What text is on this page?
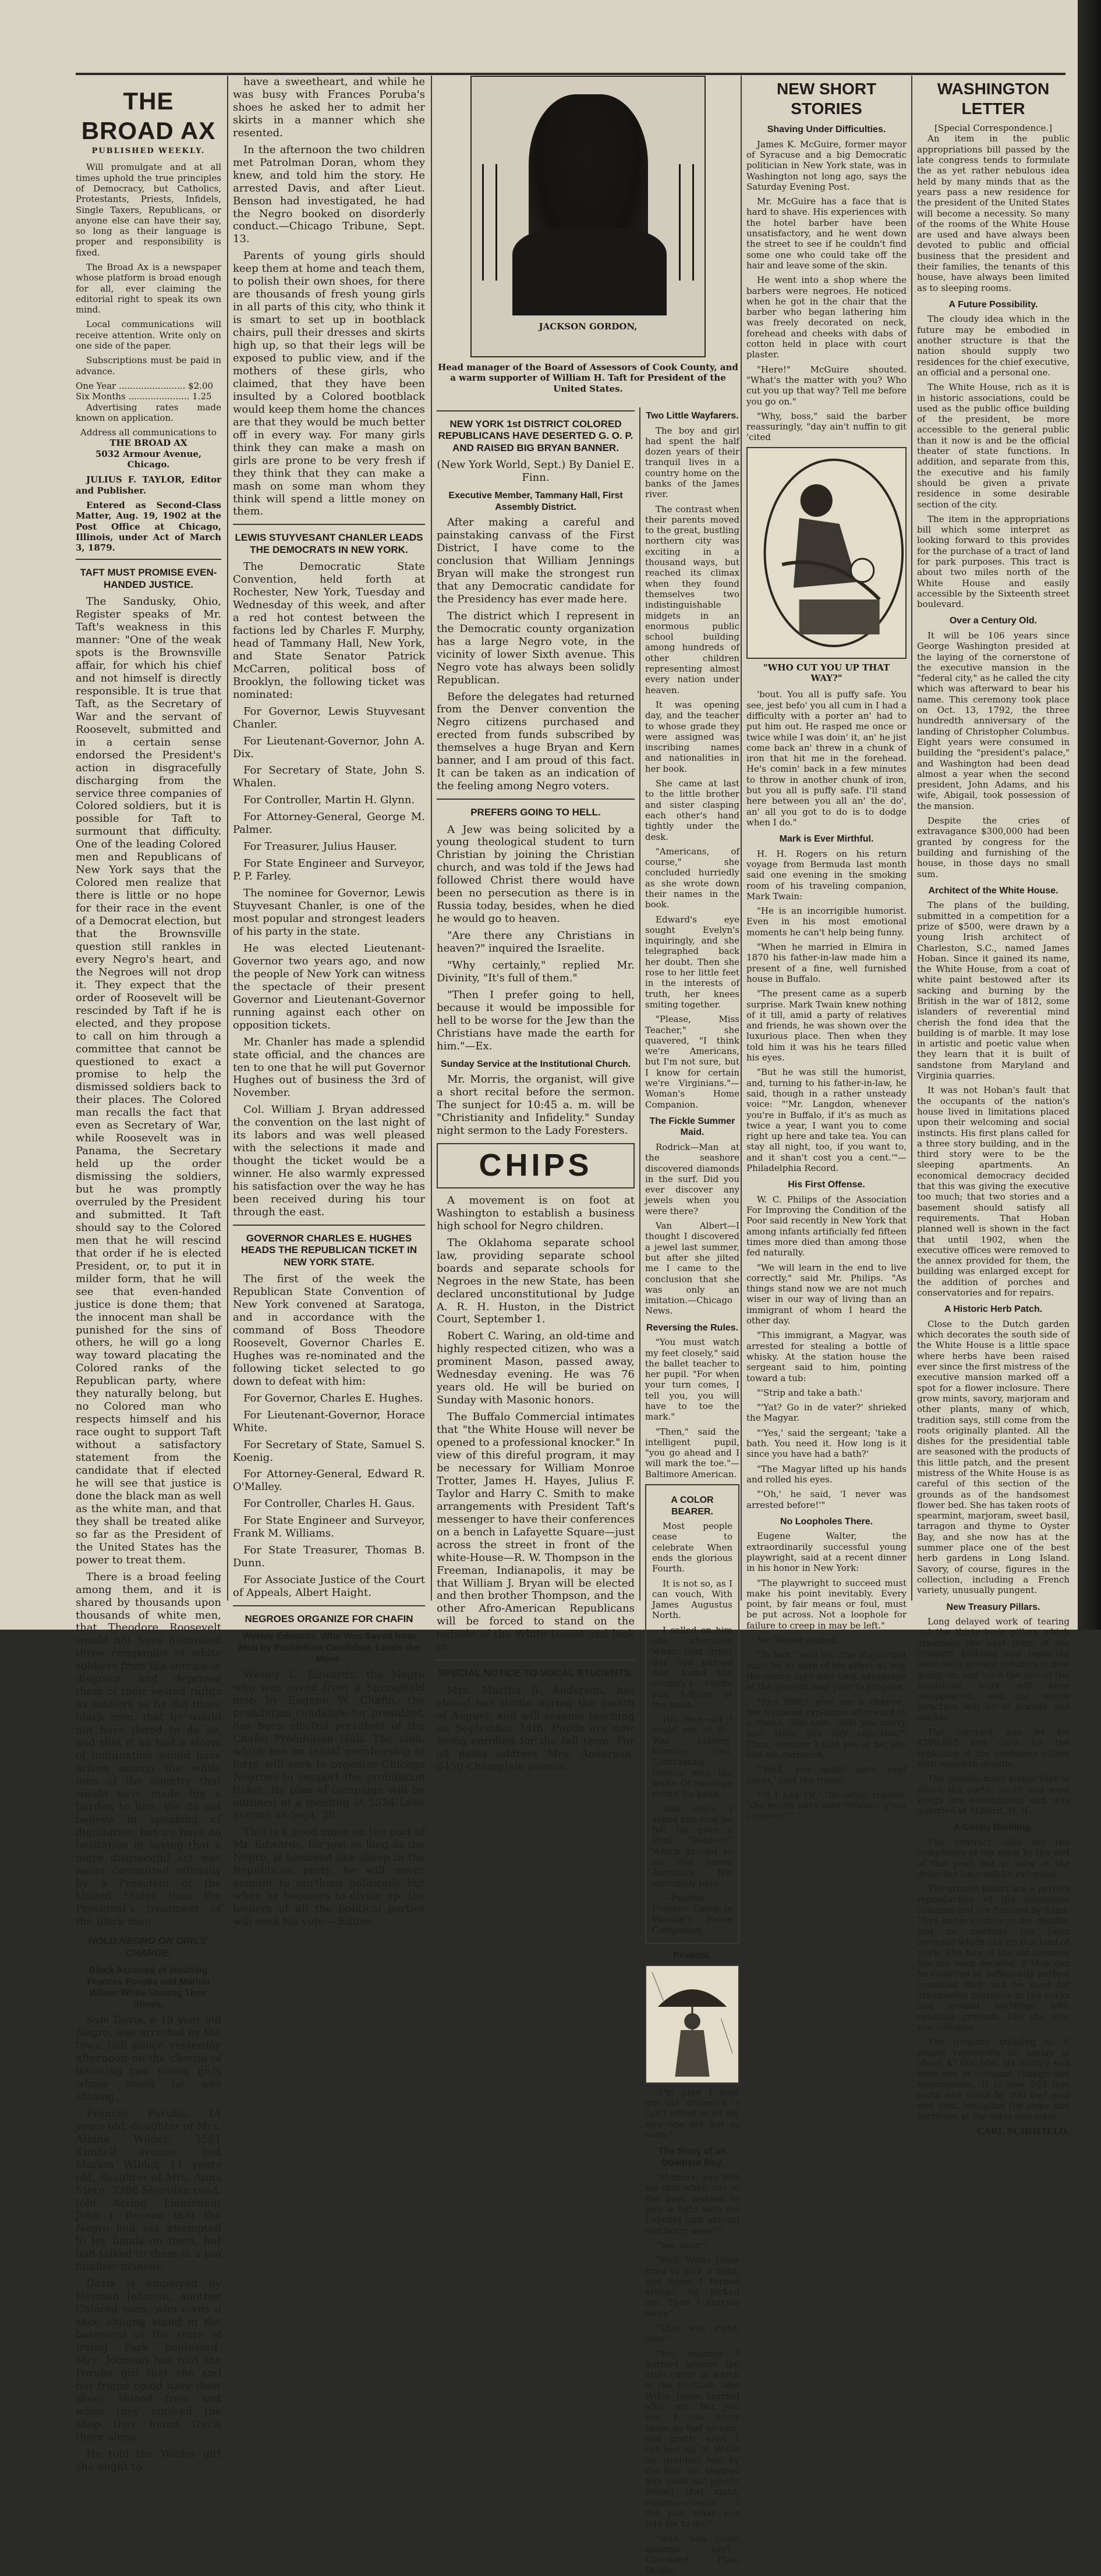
THE BROAD AX
PUBLISHED WEEKLY.

Will promulgate and at all times uphold the true principles of Democracy, but Catholics, Protestants, Priests, Infidels, Single Taxers, Republicans, or anyone else can have their say, so long as their language is proper and responsibility is fixed.

The Broad Ax is a newspaper whose platform is broad enough for all, ever claiming the editorial right to speak its own mind.

Local communications will receive attention. Write only on one side of the paper.

Subscriptions must be paid in advance.

One Year ........................ $2.00
Six Months ...................... 1.25

Advertising rates made known on application.

Address all communications to
THE BROAD AX
5032 Armour Avenue, Chicago.

JULIUS F. TAYLOR, Editor and Publisher.

Entered as Second-Class Matter, Aug. 19, 1902 at the Post Office at Chicago, Illinois, under Act of March 3, 1879.

TAFT MUST PROMISE EVEN-HANDED JUSTICE.

The Sandusky, Ohio, Register speaks of Mr. Taft's weakness in this manner: "One of the weak spots is the Brownsville affair, for which his chief and not himself is directly responsible. It is true that Taft, as the Secretary of War and the servant of Roosevelt, submitted and in a certain sense endorsed the President's action in disgracefully discharging from the service three companies of Colored soldiers, but it is possible for Taft to surmount that difficulty. One of the leading Colored men and Republicans of New York says that the Colored men realize that there is little or no hope for their race in the event of a Democrat election, but that the Brownsville question still rankles in every Negro's heart, and the Negroes will not drop it. They expect that the order of Roosevelt will be rescinded by Taft if he is elected, and they propose to call on him through a committee that cannot be questioned to exact a promise to help the dismissed soldiers back to their places. The Colored man recalls the fact that even as Secretary of War, while Roosevelt was in Panama, the Secretary held up the order dismissing the soldiers, but he was promptly overruled by the President and submitted. It Taft should say to the Colored men that he will rescind that order if he is elected President, or, to put it in milder form, that he will see that even-handed justice is done them; that the innocent man shall be punished for the sins of others, he will go a long way toward placating the Colored ranks of the Republican party, where they naturally belong, but no Colored man who respects himself and his race ought to support Taft without a satisfactory statement from the candidate that if elected he will see that justice is done the black man as well as the white man, and that they shall be treated alike so far as the President of the United States has the power to treat them.

There is a broad feeling among them, and it is shared by thousands upon thousands of white men, that Theodore Roosevelt would not have dismissed three companies of white soldiers from the service in disgrace and deprived them of their vested rights as soldiers as he did those black men, that he would not have dared to do so, and that if he had a storm of indignation would have arisen among the white men of the country that would have made life a burden to him. We do not believe in speaking of dignitaries, but we have no hesitation in saying that a more disgraceful act was never committed officially by a President of the United States than the President's treatment of the black men.

HOLD NEGRO ON GIRLS' CHARGE.
Black Accused of Insulting Frances Poruba and Marion Wilder While Shining Their Shoes.

Sam Davis, a 19 year old Negro, was arrested by the town hall police yesterday afternoon on the charge of insulting two young girls whose shoes he was shining.

Frances Poruba, 14 years old, daughter of Mrs. Albina Wilder, 3581 Kimbell avenue, and Marion Wilder, 11 years old, daughter of Mrs. Anna Stern, 2266 Sheridan road, told Acting Lieutenant John J. Benson that the Negro had not attempted to lay hands on them, but had talked to them in a too familiar manner.

Davis is employed by Herman Johnson, another Colored man, who owns a shoe shining stand in the basement of the store of Irving Park boulevard. Mrs. Johnson has told the Poruba girl that she and her friend could have their shoes shined free, and when they entered the shop they found Davis there alone.

He told the Wilder girl she ought to

have a sweetheart, and while he was busy with Frances Poruba's shoes he asked her to admit her skirts in a manner which she resented.

In the afternoon the two children met Patrolman Doran, whom they knew, and told him the story. He arrested Davis, and after Lieut. Benson had investigated, he had the Negro booked on disorderly conduct.—Chicago Tribune, Sept. 13.

Parents of young girls should keep them at home and teach them, to polish their own shoes, for there are thousands of fresh young girls in all parts of this city, who think it is smart to set up in bootblack chairs, pull their dresses and skirts high up, so that their legs will be exposed to public view, and if the mothers of these girls, who claimed, that they have been insulted by a Colored bootblack would keep them home the chances are that they would be much better off in every way. For many girls think they can make a mash on girls are prone to be very fresh if they think that they can make a mash on some man whom they think will spend a little money on them.

LEWIS STUYVESANT CHANLER LEADS THE DEMOCRATS IN NEW YORK.

The Democratic State Convention, held forth at Rochester, New York, Tuesday and Wednesday of this week, and after a red hot contest between the factions led by Charles F. Murphy, head of Tammany Hall, New York, and State Senator Patrick McCarren, political boss of Brooklyn, the following ticket was nominated:

For Governor, Lewis Stuyvesant Chanler.

For Lieutenant-Governor, John A. Dix.

For Secretary of State, John S. Whalen.

For Controller, Martin H. Glynn.

For Attorney-General, George M. Palmer.

For Treasurer, Julius Hauser.

For State Engineer and Surveyor, P. P. Farley.

The nominee for Governor, Lewis Stuyvesant Chanler, is one of the most popular and strongest leaders of his party in the state.

He was elected Lieutenant-Governor two years ago, and now the people of New York can witness the spectacle of their present Governor and Lieutenant-Governor running against each other on opposition tickets.

Mr. Chanler has made a splendid state official, and the chances are ten to one that he will put Governor Hughes out of business the 3rd of November.

Col. William J. Bryan addressed the convention on the last night of its labors and was well pleased with the selections it made and thought the ticket would be a winner. He also warmly expressed his satisfaction over the way he has been received during his tour through the east.

GOVERNOR CHARLES E. HUGHES HEADS THE REPUBLICAN TICKET IN NEW YORK STATE.

The first of the week the Republican State Convention of New York convened at Saratoga, and in accordance with the command of Boss Theodore Roosevelt, Governor Charles E. Hughes was re-nominated and the following ticket selected to go down to defeat with him:

For Governor, Charles E. Hughes.

For Lieutenant-Governor, Horace White.

For Secretary of State, Samuel S. Koenig.

For Attorney-General, Edward R. O'Malley.

For Controller, Charles H. Gaus.

For State Engineer and Surveyor, Frank M. Williams.

For State Treasurer, Thomas B. Dunn.

For Associate Justice of the Court of Appeals, Albert Haight.

NEGROES ORGANIZE FOR CHAFIN
Wesley Edwards, Who Was Saved from Mob by Prohibition Candidate, Leads the Move.

Wesley L. Edwards, the Negro who was saved from a Springfield mob by Eugene W. Chafin, the prohibition candidate for president, has been elected president of the Chafin Prohibition club. The club, which has an initial membership of forty, will seek to organize Chicago Negroes to support the prohibition ticket. Its plan of campaign will be outlined at a meeting at 5524 Lake avenue on Sept. 28.

This is a good move on the part of Mr. Edwards, for just as long as the Negro, is hemmed like sheep in the Republican party, he will never amount to anything politically but when he becomes to divide up, the leaders of all the political parties will seek his vote.—Editor.

JACKSON GORDON,
Head manager of the Board of Assessors of Cook County, and a warm supporter of William H. Taft for President of the United States.
NEW YORK 1st DISTRICT COLORED REPUBLICANS HAVE DESERTED G. O. P. AND RAISED BIG BRYAN BANNER.

(New York World, Sept.) By Daniel E. Finn.

Executive Member, Tammany Hall, First Assembly District.

After making a careful and painstaking canvass of the First District, I have come to the conclusion that William Jennings Bryan will make the strongest run that any Democratic candidate for the Presidency has ever made here.

The district which I represent in the Democratic county organization has a large Negro vote, in the vicinity of lower Sixth avenue. This Negro vote has always been solidly Republican.

Before the delegates had returned from the Denver convention the Negro citizens purchased and erected from funds subscribed by themselves a huge Bryan and Kern banner, and I am proud of this fact. It can be taken as an indication of the feeling among Negro voters.

PREFERS GOING TO HELL.

A Jew was being solicited by a young theological student to turn Christian by joining the Christian church, and was told if the Jews had followed Christ there would have been no persecution as there is in Russia today, besides, when he died he would go to heaven.

"Are there any Christians in heaven?" inquired the Israelite.

"Why certainly," replied Mr. Divinity, "It's full of them."

"Then I prefer going to hell, because it would be impossible for hell to be worse for the Jew than the Christians have made the earth for him."—Ex.

Sunday Service at the Institutional Church.

Mr. Morris, the organist, will give a short recital before the sermon. The sunject for 10:45 a. m. will be "Christianity and Infidelity." Sunday night sermon to the Lady Foresters.

CHIPS

A movement is on foot at Washington to establish a business high school for Negro children.

The Oklahoma separate school law, providing separate school boards and separate schools for Negroes in the new State, has been declared unconstitutional by Judge A. R. H. Huston, in the District Court, September 1.

Robert C. Waring, an old-time and highly respected citizen, who was a prominent Mason, passed away, Wednesday evening. He was 76 years old. He will be buried on Sunday with Masonic honors.

The Buffalo Commercial intimates that "the White House will never be opened to a professional knocker." In view of this direful program, it may be necessary for William Monroe Trotter, James H. Hayes, Julius F. Taylor and Harry C. Smith to make arrangements with President Taft's messenger to have their conferences on a bench in Lafayette Square—just across the street in front of the white-House—R. W. Thompson in the Freeman, Indianapolis, it may be that William J. Bryan will be elected and then brother Thompson, and the other Afro-American Republicans will be forced to stand on the outside of the White House and look in.

SPECIAL NOTICE TO VOCAL STUDENTS.

Mrs. Martha B. Anderson, has closed her studio during the month of August, and will resume teaching on September 14th. Pupils are now being enrolled for the fall term. For all dates address Mrs. Anderson, 6450 Champlain avenue.

Two Little Wayfarers.

The boy and girl had spent the half dozen years of their tranquil lives in a country home on the banks of the James river.

The contrast when their parents moved to the great, bustling northern city was exciting in a thousand ways, but reached its climax when they found themselves two indistinguishable midgets in an enormous public school building among hundreds of other children representing almost every nation under heaven.

It was opening day, and the teacher to whose grade they were assigned was inscribing names and nationalities in her book.

She came at last to the little brother and sister clasping each other's hand tightly under the desk.

"Americans, of course," she concluded hurriedly as she wrote down their names in the book.

Edward's eye sought Evelyn's inquiringly, and she telegraphed back her doubt. Then she rose to her little feet in the interests of truth, her knees smiting together.

"Please, Miss Teacher," she quavered, "I think we're Americans, but I'm not sure, but I know for certain we're Virginians."—Woman's Home Companion.

The Fickle Summer Maid.

Rodrick—Man at the seashore discovered diamonds in the surf. Did you ever discover any jewels when you were there?

Van Albert—I thought I discovered a jewel last summer, but after she jilted me I came to the conclusion that she was only an imitation.—Chicago News.

Reversing the Rules.

"You must watch my feet closely," said the ballet teacher to her pupil. "For when your turn comes, I tell you, you will have to toe the mark."

"Then," said the intelligent pupil, "you go ahead and I will mark the toe."—Baltimore American.

A COLOR BEARER.

Most people cease to celebrate When ends the glorious Fourth.

It is not so, as I can vouch, With James Augustus North.

I called on him one afternoon When that great day had passed And found the country's colors still A-flying at the mast.

His face—all I could see of it— Was blazing, burning red, Contrasting brewer with the white Of bandage round his head.

And when I asked him how he felt He gave a loud "Booboo!" Which proved to me that James Augustus felt extremely blue.

—Pauline Frances Camp in Woman's Home Companion.

Prudent.

"I'm glad I kept my old umbrella. I can't afford to let my new one get wet so soon."

The Story of an Obedient Boy.

"Mamma, you told me that when one of the boys wanted to pick a fight with me I should turn around and hurry away?"

"Yes, dear."

"Well, Willie Jones tried to pick a fight, and when I turned around he kicked me. Then I hurried away."

"That was right, dear."

"Yes, mamma. I hurried around the little circle in which is the fountain, and Willie Jones hurried after me. But you see, I can hurry twice as fast as him, and pretty soon I catched up to Willie an' grabbed him by the hair an' slapped him good an' plenty. Wasn't that right, mamma—'cause I did just what you told me to do?"

"Well, how could mamma say?—Cleveland Plain Dealer.

NEW SHORT STORIES
Shaving Under Difficulties.

James K. McGuire, former mayor of Syracuse and a big Democratic politician in New York state, was in Washington not long ago, says the Saturday Evening Post.

Mr. McGuire has a face that is hard to shave. His experiences with the hotel barber have been unsatisfactory, and he went down the street to see if he couldn't find some one who could take off the hair and leave some of the skin.

He went into a shop where the barbers were negroes. He noticed when he got in the chair that the barber who began lathering him was freely decorated on neck, forehead and cheeks with dabs of cotton held in place with court plaster.

"Here!" McGuire shouted. "What's the matter with you? Who cut you up that way? Tell me before you go on."

"Why, boss," said the barber reassuringly, "day ain't nuffin to git 'cited

"WHO CUT YOU UP THAT WAY?"

'bout. You all is puffy safe. You see, jest befo' you all cum in I had a difficulty with a porter an' had to put him out. He rasped me once or twice while I was doin' it, an' he jist come back an' threw in a chunk of iron that hit me in the forehead. He's comin' back in a few minutes to throw in another chunk of iron, but you all is puffy safe. I'll stand here between you all an' the do', an' all you got to do is to dodge when I do."

Mark is Ever Mirthful.

H. H. Rogers on his return voyage from Bermuda last month said one evening in the smoking room of his traveling companion, Mark Twain:

"He is an incorrigible humorist. Even in his most emotional moments he can't help being funny.

"When he married in Elmira in 1870 his father-in-law made him a present of a fine, well furnished house in Buffalo.

"The present came as a superb surprise. Mark Twain knew nothing of it till, amid a party of relatives and friends, he was shown over the luxurious place. Then when they told him it was his he tears filled his eyes.

"But he was still the humorist, and, turning to his father-in-law, he said, though in a rather unsteady voice: "'Mr. Langdon, whenever you're in Buffalo, if it's as much as twice a year, I want you to come right up here and take tea. You can stay all night, too, if you want to, and it shan't cost you a cent.'"—Philadelphia Record.

His First Offense.

W. C. Philips of the Association For Improving the Condition of the Poor said recently in New York that among infants artificially fed fifteen times more died than among those fed naturally.

"We will learn in the end to live correctly," said Mr. Philips. "As things stand now we are not much wiser in our way of living than an immigrant of whom I heard the other day.

"This immigrant, a Magyar, was arrested for stealing a bottle of whisky. At the station house the sergeant said to him, pointing toward a tub:

"'Strip and take a bath.'

"'Yat? Go in de vater?' shrieked the Magyar.

"'Yes,' said the sergeant; 'take a bath. You need it. How long is it since you have had a bath?'

"The Magyar lifted up his hands and rolled his eyes.

"'Oh,' he said, 'I never was arrested before!'"

No Loopholes There.

Eugene Walter, the extraordinarily successful young playwright, said at a recent dinner in his honor in New York:

"The playwright to succeed must make his point inevitably. Every point, by fair means or foul, must be put across. Not a loophole for failure to creep in may be left."

Mr. Walter smiled.

"In fact," said he, "the playwright must be as sure of his effect as was the young lady who took advantage of the present leap year to propose.

"She didn't give me a chance,' her husband explained afterward to a friend. 'She said: "Will you marry me? Have you any objection?" Thus, whether I said yes or no, she had me cornered.'

"'Well, you might have kept silent,' said the friend.

"'If I had I'd,' the other replied, 'she would have said "Silence gives consent!"'"

WASHINGTON LETTER
[Special Correspondence.]

An item in the public appropriations bill passed by the late congress tends to formulate the as yet rather nebulous idea held by many minds that as the years pass a new residence for the president of the United States will become a necessity. So many of the rooms of the White House are used and have always been devoted to public and official business that the president and their families, the tenants of this house, have always been limited as to sleeping rooms.

A Future Possibility.

The cloudy idea which in the future may be embodied in another structure is that the nation should supply two residences for the chief executive, an official and a personal one.

The White House, rich as it is in historic associations, could be used as the public office building of the president, be more accessible to the general public than it now is and be the official theater of state functions. In addition, and separate from this, the executive and his family should be given a private residence in some desirable section of the city.

The item in the appropriations bill which some interpret as looking forward to this provides for the purchase of a tract of land for park purposes. This tract is about two miles north of the White House and easily accessible by the Sixteenth street boulevard.

Over a Century Old.

It will be 106 years since George Washington presided at the laying of the cornerstone of the executive mansion in the "federal city," as he called the city which was afterward to bear his name. This ceremony took place on Oct. 13, 1792, the three hundredth anniversary of the landing of Christopher Columbus. Eight years were consumed in building the "president's palace," and Washington had been dead almost a year when the second president, John Adams, and his wife, Abigail, took possession of the mansion.

Despite the cries of extravagance $300,000 had been granted by congress for the building and furnishing of the house, in those days no small sum.

Architect of the White House.

The plans of the building, submitted in a competition for a prize of $500, were drawn by a young Irish architect of Charleston, S.C., named James Hoban. Since it gained its name, the White House, from a coat of white paint bestowed after its sacking and burning by the British in the war of 1812, some islanders of reverential mind cherish the fond idea that the building is of marble. It may lose in artistic and poetic value when they learn that it is built of sandstone from Maryland and Virginia quarries.

It was not Hoban's fault that the occupants of the nation's house lived in limitations placed upon their welcoming and social instincts. His first plans called for a three story building, and in the third story were to be the sleeping apartments. An economical democracy decided that this was giving the executive too much; that two stories and a basement should satisfy all requirements. That Hoban planned well is shown in the fact that until 1902, when the executive offices were removed to the annex provided for them, the building was enlarged except for the addition of porches and conservatories and for repairs.

A Historic Herb Patch.

Close to the Dutch garden which decorates the south side of the White House is a little space where herbs have been raised ever since the first mistress of the executive mansion marked off a spot for a flower inclosure. There grow mints, savory, marjoram and other plants, many of which, tradition says, still come from the roots originally planted. All the dishes for the presidential table are seasoned with the products of this little patch, and the present mistress of the White House is as careful of this section of the grounds as of the handsomest flower bed. She has taken roots of spearmint, marjoram, sweet basil, tarragon and thyme to Oyster Bay, and she now has at the summer place one of the best herb gardens in Long Island. Savory, of course, figures in the collection, including a French variety, unusually pungent.

New Treasury Pillars.

Long delayed work of tearing out the thirty ionic pillars which ornament the east front of the treasury building and replacing them with granite columns is now going on, and soon the last of the sandstone work will have disappeared, and the entire structure will be of granite and marble.

The contract was let for $298,965 and calls for the replacing of the sandstone pillars with monolith granite.

The granite must match that of which the north, south and west wings are constructed and was quarried at Milford, N. H.

A Costly Building.

The contract calls for the completion of the work by the end of this year, but in view of the delay the time will be extended.

The granite pillars are a perfect reproduction of the sandstone columns and are finished by hand. They bulge slightly in the middle, and no machine has been invented which can do this kind of work. The fate of the old columns has not been decided. If they can be removed in sufficiently perfect condition they will be used for ornamental purposes in the parks and around buildings with spacious grounds, like the new war colleges.

The treasury building as it stands represents an outlay of about $7,000,000. Its history has been one of constant change and enlargement. It is now 582 feet north and south by 300 feet east and west, including the steps and porticoes at the sides and sides.

CARL SCHOFIELD.
